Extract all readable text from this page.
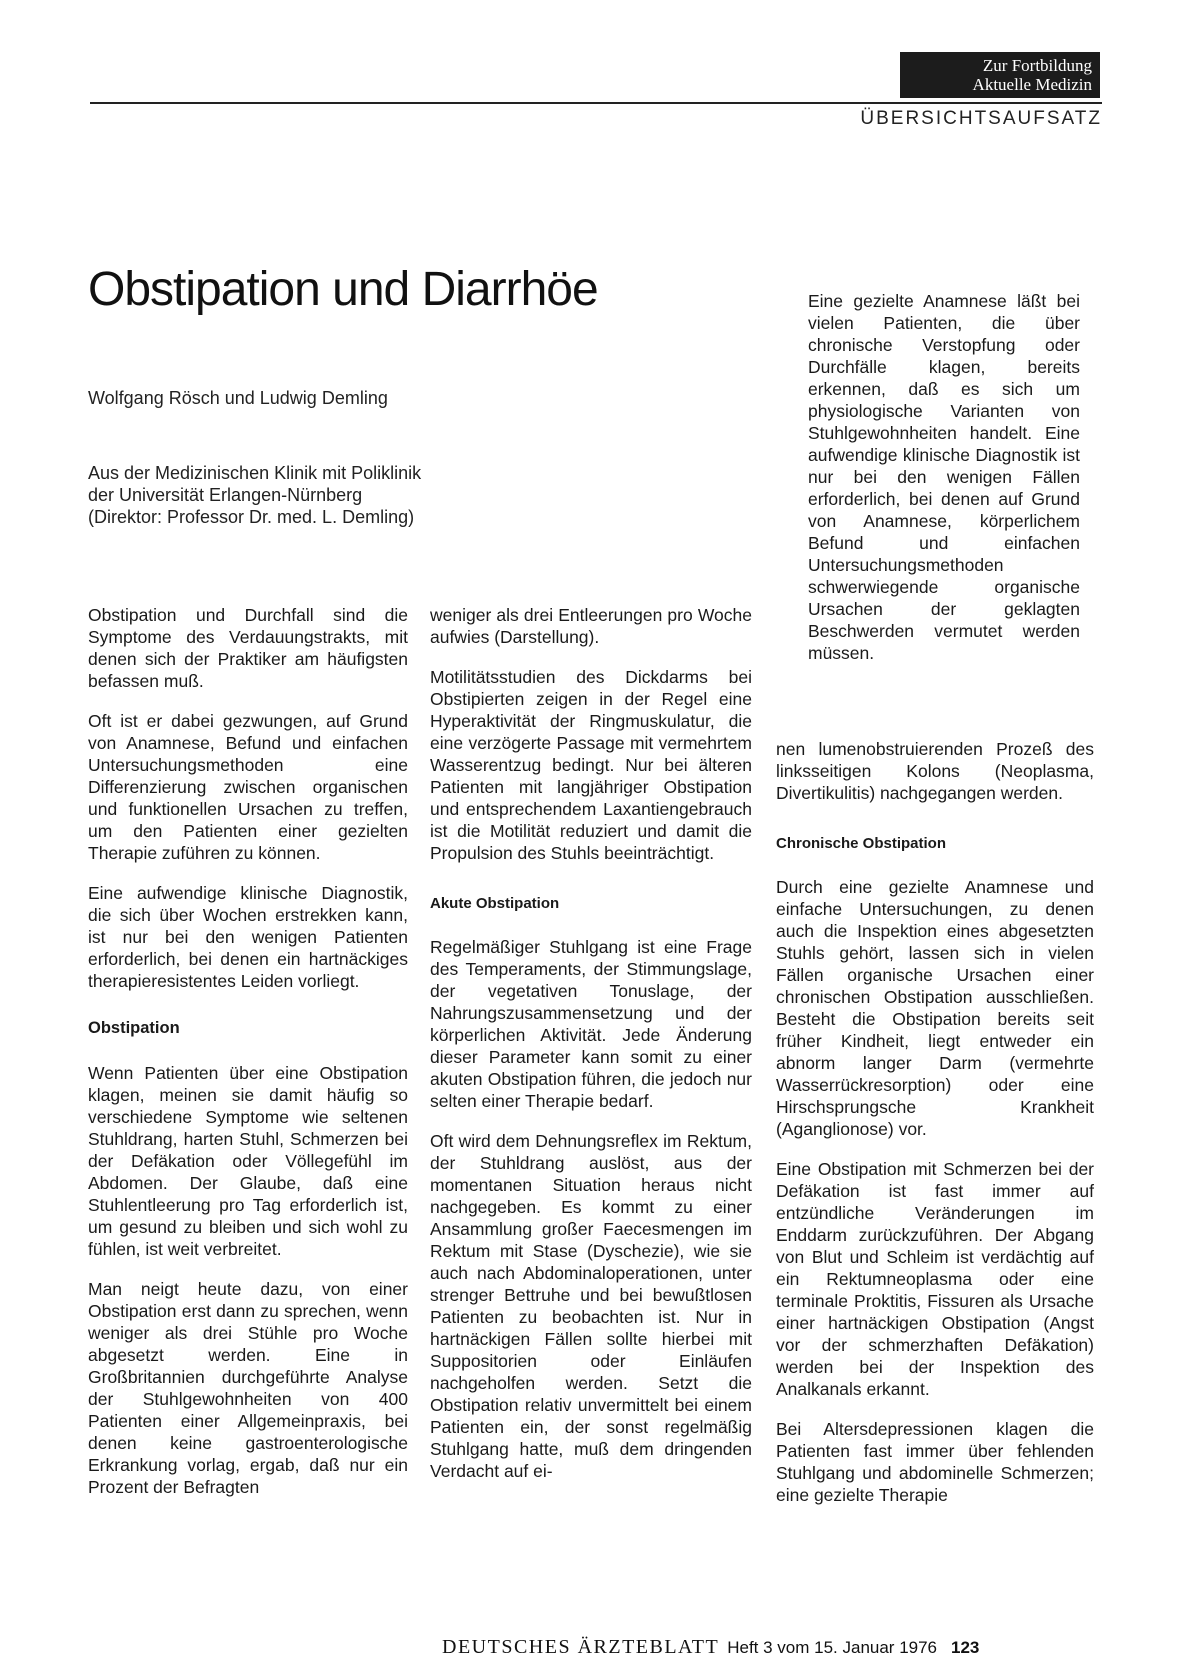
Zur Fortbildung
Aktuelle Medizin
ÜBERSICHTSAUFSATZ
Obstipation und Diarrhöe
Wolfgang Rösch und Ludwig Demling
Aus der Medizinischen Klinik mit Poliklinik
der Universität Erlangen-Nürnberg
(Direktor: Professor Dr. med. L. Demling)

Eine gezielte Anamnese läßt bei vielen Patienten, die über chronische Verstopfung oder Durchfälle klagen, bereits erkennen, daß es sich um physiologische Varianten von Stuhlgewohnheiten handelt. Eine aufwendige klinische Diagnostik ist nur bei den wenigen Fällen erforderlich, bei denen auf Grund von Anamnese, körperlichem Befund und einfachen Untersuchungsmethoden schwerwiegende organische Ursachen der geklagten Beschwerden vermutet werden müssen.

Obstipation und Durchfall sind die Symptome des Verdauungstrakts, mit denen sich der Praktiker am häufigsten befassen muß.

Oft ist er dabei gezwungen, auf Grund von Anamnese, Befund und einfachen Untersuchungsmethoden eine Differenzierung zwischen organischen und funktionellen Ursachen zu treffen, um den Patienten einer gezielten Therapie zuführen zu können.

Eine aufwendige klinische Diagnostik, die sich über Wochen erstrekken kann, ist nur bei den wenigen Patienten erforderlich, bei denen ein hartnäckiges therapieresistentes Leiden vorliegt.

Obstipation

Wenn Patienten über eine Obstipation klagen, meinen sie damit häufig so verschiedene Symptome wie seltenen Stuhldrang, harten Stuhl, Schmerzen bei der Defäkation oder Völlegefühl im Abdomen. Der Glaube, daß eine Stuhlentleerung pro Tag erforderlich ist, um gesund zu bleiben und sich wohl zu fühlen, ist weit verbreitet.

Man neigt heute dazu, von einer Obstipation erst dann zu sprechen, wenn weniger als drei Stühle pro Woche abgesetzt werden. Eine in Großbritannien durchgeführte Analyse der Stuhlgewohnheiten von 400 Patienten einer Allgemeinpraxis, bei denen keine gastroenterologische Erkrankung vorlag, ergab, daß nur ein Prozent der Befragten

weniger als drei Entleerungen pro Woche aufwies (Darstellung).

Motilitätsstudien des Dickdarms bei Obstipierten zeigen in der Regel eine Hyperaktivität der Ringmuskulatur, die eine verzögerte Passage mit vermehrtem Wasserentzug bedingt. Nur bei älteren Patienten mit langjähriger Obstipation und entsprechendem Laxantiengebrauch ist die Motilität reduziert und damit die Propulsion des Stuhls beeinträchtigt.

Akute Obstipation

Regelmäßiger Stuhlgang ist eine Frage des Temperaments, der Stimmungslage, der vegetativen Tonuslage, der Nahrungszusammensetzung und der körperlichen Aktivität. Jede Änderung dieser Parameter kann somit zu einer akuten Obstipation führen, die jedoch nur selten einer Therapie bedarf.

Oft wird dem Dehnungsreflex im Rektum, der Stuhldrang auslöst, aus der momentanen Situation heraus nicht nachgegeben. Es kommt zu einer Ansammlung großer Faecesmengen im Rektum mit Stase (Dyschezie), wie sie auch nach Abdominaloperationen, unter strenger Bettruhe und bei bewußtlosen Patienten zu beobachten ist. Nur in hartnäckigen Fällen sollte hierbei mit Suppositorien oder Einläufen nachgeholfen werden. Setzt die Obstipation relativ unvermittelt bei einem Patienten ein, der sonst regelmäßig Stuhlgang hatte, muß dem dringenden Verdacht auf ei-

nen lumenobstruierenden Prozeß des linksseitigen Kolons (Neoplasma, Divertikulitis) nachgegangen werden.

Chronische Obstipation

Durch eine gezielte Anamnese und einfache Untersuchungen, zu denen auch die Inspektion eines abgesetzten Stuhls gehört, lassen sich in vielen Fällen organische Ursachen einer chronischen Obstipation ausschließen. Besteht die Obstipation bereits seit früher Kindheit, liegt entweder ein abnorm langer Darm (vermehrte Wasserrückresorption) oder eine Hirschsprungsche Krankheit (Aganglionose) vor.

Eine Obstipation mit Schmerzen bei der Defäkation ist fast immer auf entzündliche Veränderungen im Enddarm zurückzuführen. Der Abgang von Blut und Schleim ist verdächtig auf ein Rektumneoplasma oder eine terminale Proktitis, Fissuren als Ursache einer hartnäckigen Obstipation (Angst vor der schmerzhaften Defäkation) werden bei der Inspektion des Analkanals erkannt.

Bei Altersdepressionen klagen die Patienten fast immer über fehlenden Stuhlgang und abdominelle Schmerzen; eine gezielte Therapie

DEUTSCHES ÄRZTEBLATT Heft 3 vom 15. Januar 1976 123
